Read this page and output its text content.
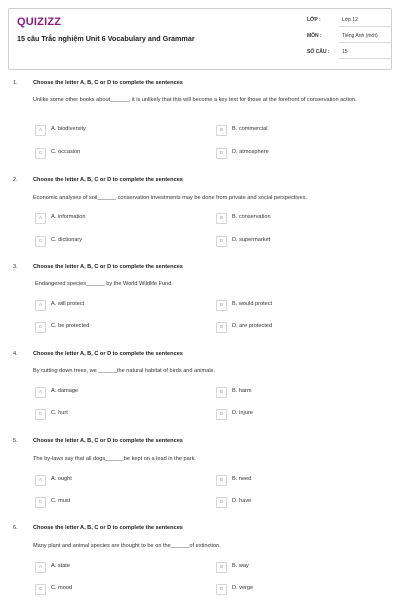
QUIZIZZ
15 câu Trắc nghiệm Unit 6 Vocabulary and Grammar
LỚP :	Lớp 12
MÔN :	Tiếng Anh (mới)
SỐ CÂU :	15
1.	Choose the letter A, B, C or D to complete the sentences
Unlike some other books about______, it is unlikely that this will become a key text for those at the forefront of conservation action.
A	A. biodiversity	B	B. commercial
C	C. occasion	D	D. atmosphere
2.	Choose the letter A, B, C or D to complete the sentences
Economic analyses of soil______ conservation investments may be done from private and social perspectives.
A	A. information	B	B. conservation
C	C. dictionary	D	D. supermarket
3.	Choose the letter A, B, C or D to complete the sentences
Endangered species______ by the World Wildlife Fund.
A	A. will protect	B	B. would protect
C	C. be protected	D	D. are protected
4.	Choose the letter A, B, C or D to complete the sentences
By cutting down trees, we ______the natural habitat of birds and animals.
A	A. damage	B	B. harm
C	C. hurt	D	D. injure
5.	Choose the letter A, B, C or D to complete the sentences
The by-laws say that all dogs______be kept on a lead in the park.
A	A. ought	B	B. need
C	C. must	D	D. have
6.	Choose the letter A, B, C or D to complete the sentences
Many plant and animal species are thought to be on the______of extinction.
A	A. state	B	B. way
C	C. mood	D	D. verge
